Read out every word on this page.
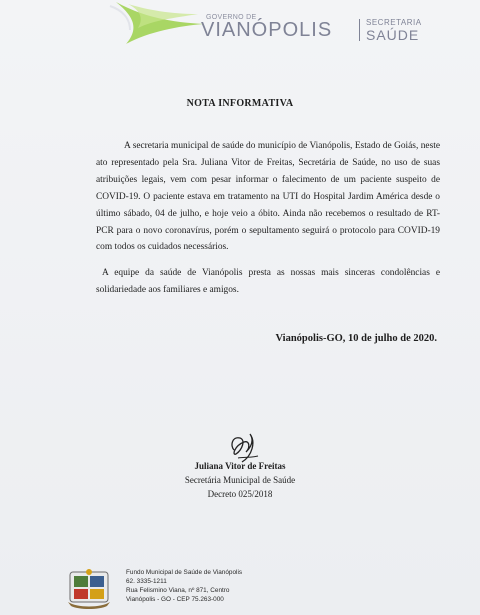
GOVERNO DE
VIANÓPOLIS	SECRETARIA
SAÚDE
NOTA INFORMATIVA

A secretaria municipal de saúde do município de Vianópolis, Estado de Goiás, neste ato representado pela Sra. Juliana Vitor de Freitas, Secretária de Saúde, no uso de suas atribuições legais, vem com pesar informar o falecimento de um paciente suspeito de COVID-19. O paciente estava em tratamento na UTI do Hospital Jardim América desde o último sábado, 04 de julho, e hoje veio a óbito. Ainda não recebemos o resultado de RT-PCR para o novo coronavírus, porém o sepultamento seguirá o protocolo para COVID-19 com todos os cuidados necessários.

A equipe da saúde de Vianópolis presta as nossas mais sinceras condolências e solidariedade aos familiares e amigos.

Vianópolis-GO, 10 de julho de 2020.
Juliana Vitor de Freitas
Secretária Municipal de Saúde
Decreto 025/2018
Fundo Municipal de Saúde de Vianópolis
62. 3335-1211
Rua Felismino Viana, nº 871, Centro
Vianópolis - GO - CEP 75.263-000
